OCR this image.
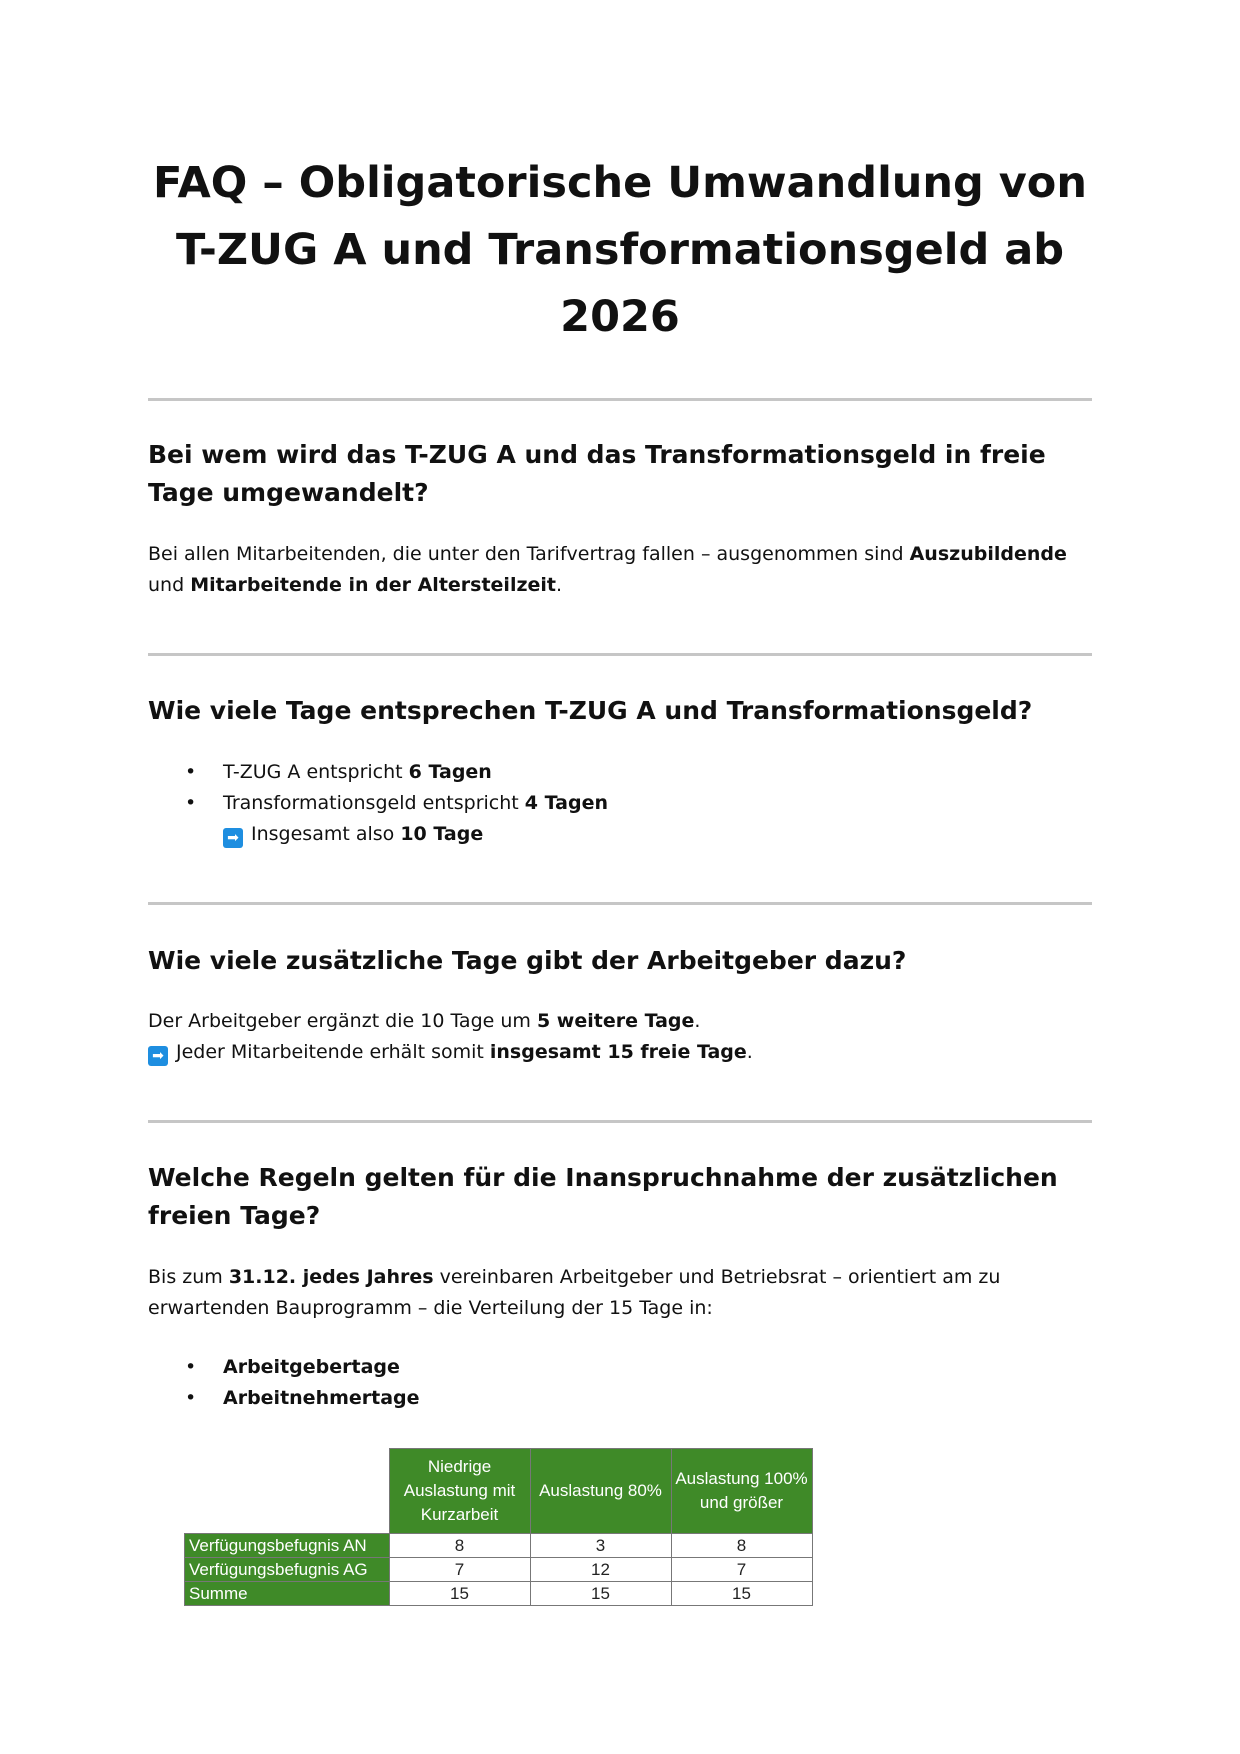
FAQ – Obligatorische Umwandlung von T-ZUG A und Transformationsgeld ab 2026
Bei wem wird das T-ZUG A und das Transformationsgeld in freie Tage umgewandelt?

Bei allen Mitarbeitenden, die unter den Tarifvertrag fallen – ausgenommen sind Auszubildende und Mitarbeitende in der Altersteilzeit.

Wie viele Tage entsprechen T-ZUG A und Transformationsgeld?
• T-ZUG A entspricht 6 Tagen
• Transformationsgeld entspricht 4 Tagen
➡ Insgesamt also 10 Tage
Wie viele zusätzliche Tage gibt der Arbeitgeber dazu?

Der Arbeitgeber ergänzt die 10 Tage um 5 weitere Tage.

➡ Jeder Mitarbeitende erhält somit insgesamt 15 freie Tage.

Welche Regeln gelten für die Inanspruchnahme der zusätzlichen freien Tage?

Bis zum 31.12. jedes Jahres vereinbaren Arbeitgeber und Betriebsrat – orientiert am zu erwartenden Bauprogramm – die Verteilung der 15 Tage in:

• Arbeitgebertage
• Arbeitnehmertage
	Niedrige Auslastung mit Kurzarbeit	Auslastung 80%	Auslastung 100% und größer
Verfügungsbefugnis AN	8	3	8
Verfügungsbefugnis AG	7	12	7
Summe	15	15	15
